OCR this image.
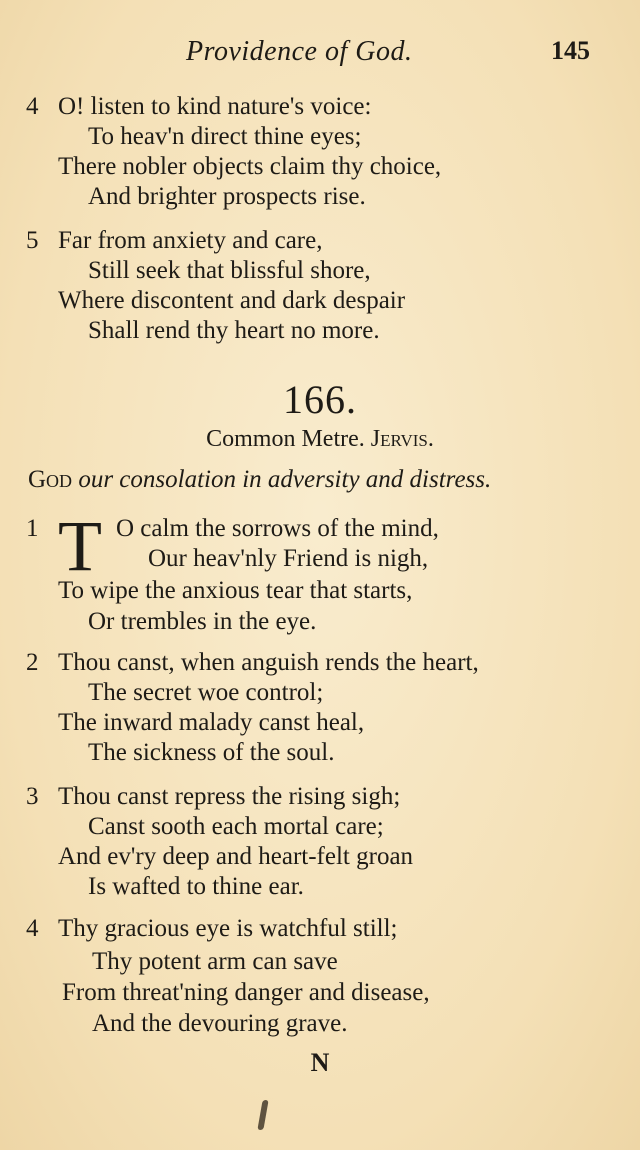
Providence of God.	145
4 O! listen to kind nature's voice:
To heav'n direct thine eyes;
There nobler objects claim thy choice,
And brighter prospects rise.
5 Far from anxiety and care,
Still seek that blissful shore,
Where discontent and dark despair
Shall rend thy heart no more.
166.
Common Metre. Jervis.
God our consolation in adversity and distress.
T
1	O calm the sorrows of the mind,
Our heav'nly Friend is nigh,
To wipe the anxious tear that starts,
Or trembles in the eye.
2 Thou canst, when anguish rends the heart,
The secret woe control;
The inward malady canst heal,
The sickness of the soul.
3 Thou canst repress the rising sigh;
Canst sooth each mortal care;
And ev'ry deep and heart-felt groan
Is wafted to thine ear.
4 Thy gracious eye is watchful still;
Thy potent arm can save
From threat'ning danger and disease,
And the devouring grave.
N
